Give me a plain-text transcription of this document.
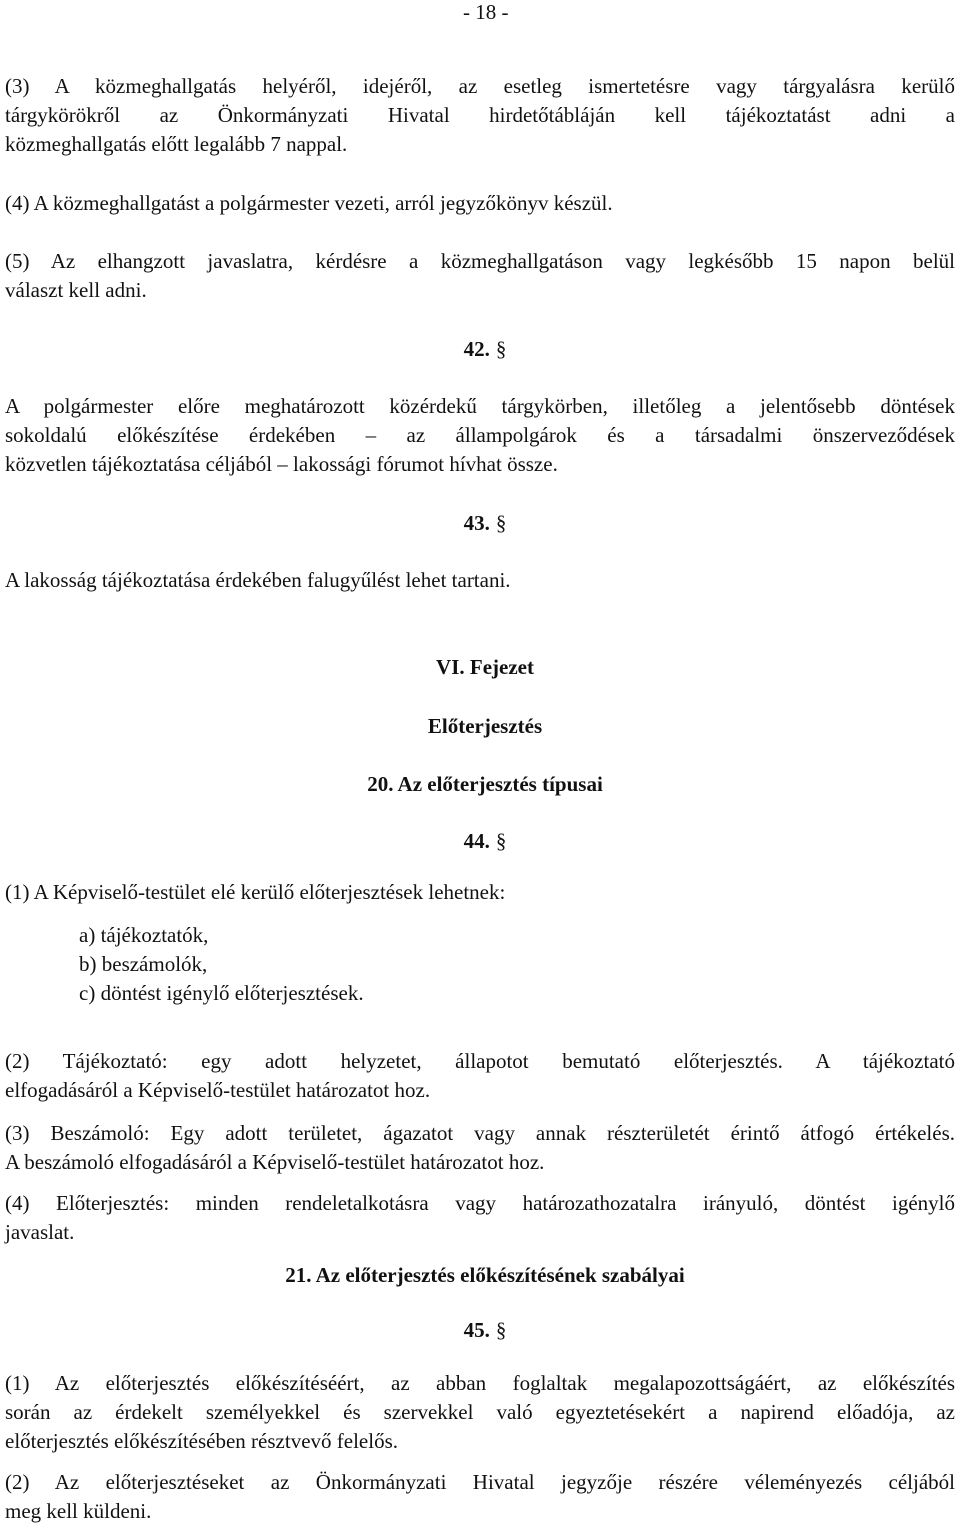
- 18 -

(3) A közmeghallgatás helyéről, idejéről, az esetleg ismertetésre vagy tárgyalásra kerülő

tárgykörökről az Önkormányzati Hivatal hirdetőtábláján kell tájékoztatást adni a

közmeghallgatás előtt legalább 7 nappal.

(4) A közmeghallgatást a polgármester vezeti, arról jegyzőkönyv készül.

(5) Az elhangzott javaslatra, kérdésre a közmeghallgatáson vagy legkésőbb 15 napon belül

választ kell adni.

42. §

A polgármester előre meghatározott közérdekű tárgykörben, illetőleg a jelentősebb döntések

sokoldalú előkészítése érdekében – az állampolgárok és a társadalmi önszerveződések

közvetlen tájékoztatása céljából – lakossági fórumot hívhat össze.

43. §

A lakosság tájékoztatása érdekében falugyűlést lehet tartani.

VI. Fejezet
Előterjesztés
20. Az előterjesztés típusai
44. §

(1) A Képviselő-testület elé kerülő előterjesztések lehetnek:

a) tájékoztatók,
b) beszámolók,
c) döntést igénylő előterjesztések.

(2) Tájékoztató: egy adott helyzetet, állapotot bemutató előterjesztés. A tájékoztató

elfogadásáról a Képviselő-testület határozatot hoz.

(3) Beszámoló: Egy adott területet, ágazatot vagy annak részterületét érintő átfogó értékelés.

A beszámoló elfogadásáról a Képviselő-testület határozatot hoz.

(4) Előterjesztés: minden rendeletalkotásra vagy határozathozatalra irányuló, döntést igénylő

javaslat.

21. Az előterjesztés előkészítésének szabályai
45. §

(1) Az előterjesztés előkészítéséért, az abban foglaltak megalapozottságáért, az előkészítés

során az érdekelt személyekkel és szervekkel való egyeztetésekért a napirend előadója, az

előterjesztés előkészítésében résztvevő felelős.

(2) Az előterjesztéseket az Önkormányzati Hivatal jegyzője részére véleményezés céljából

meg kell küldeni.
